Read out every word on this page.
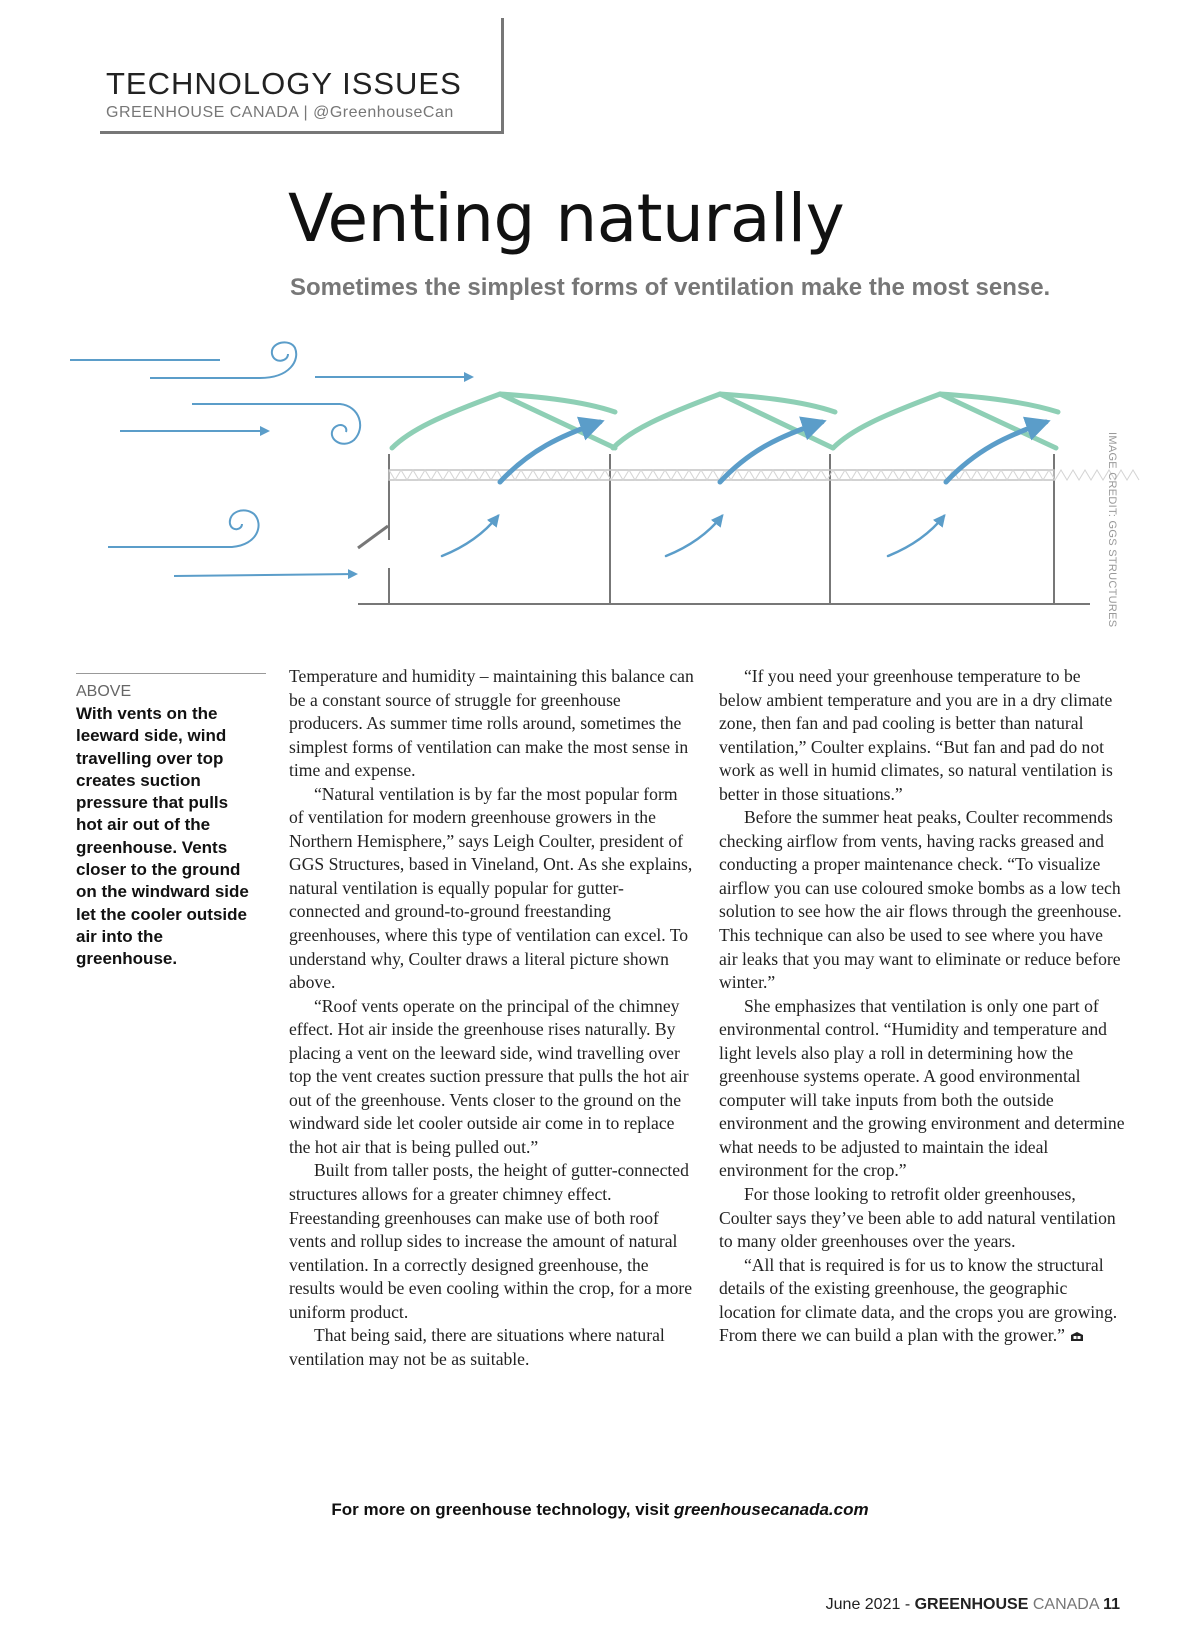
TECHNOLOGY ISSUES
GREENHOUSE CANADA | @GreenhouseCan
Venting naturally

Sometimes the simplest forms of ventilation make the most sense.

IMAGE CREDIT: GGS STRUCTURES
ABOVE
With vents on the leeward side, wind travelling over top creates suction pressure that pulls hot air out of the greenhouse. Vents closer to the ground on the windward side let the cooler outside air into the greenhouse.

Temperature and humidity – maintaining this balance can be a constant source of struggle for greenhouse producers. As summer time rolls around, sometimes the simplest forms of ventilation can make the most sense in time and expense.

“Natural ventilation is by far the most popular form of ventilation for modern greenhouse growers in the Northern Hemisphere,” says Leigh Coulter, president of GGS Structures, based in Vineland, Ont. As she explains, natural ventilation is equally popular for gutter-connected and ground-to-ground freestanding greenhouses, where this type of ventilation can excel. To understand why, Coulter draws a literal picture shown above.

“Roof vents operate on the principal of the chimney effect. Hot air inside the greenhouse rises naturally. By placing a vent on the leeward side, wind travelling over top the vent creates suction pressure that pulls the hot air out of the greenhouse. Vents closer to the ground on the windward side let cooler outside air come in to replace the hot air that is being pulled out.”

Built from taller posts, the height of gutter-connected structures allows for a greater chimney effect. Freestanding greenhouses can make use of both roof vents and rollup sides to increase the amount of natural ventilation. In a correctly designed greenhouse, the results would be even cooling within the crop, for a more uniform product.

That being said, there are situations where natural ventilation may not be as suitable.

“If you need your greenhouse temperature to be below ambient temperature and you are in a dry climate zone, then fan and pad cooling is better than natural ventilation,” Coulter explains. “But fan and pad do not work as well in humid climates, so natural ventilation is better in those situations.”

Before the summer heat peaks, Coulter recommends checking airflow from vents, having racks greased and conducting a proper maintenance check. “To visualize airflow you can use coloured smoke bombs as a low tech solution to see how the air flows through the greenhouse. This technique can also be used to see where you have air leaks that you may want to eliminate or reduce before winter.”

She emphasizes that ventilation is only one part of environmental control. “Humidity and temperature and light levels also play a roll in determining how the greenhouse systems operate. A good environmental computer will take inputs from both the outside environment and the growing environment and determine what needs to be adjusted to maintain the ideal environment for the crop.”

For those looking to retrofit older greenhouses, Coulter says they’ve been able to add natural ventilation to many older greenhouses over the years.

“All that is required is for us to know the structural details of the existing greenhouse, the geographic location for climate data, and the crops you are growing. From there we can build a plan with the grower.”

For more on greenhouse technology, visit greenhousecanada.com
June 2021 - GREENHOUSE CANADA 11
